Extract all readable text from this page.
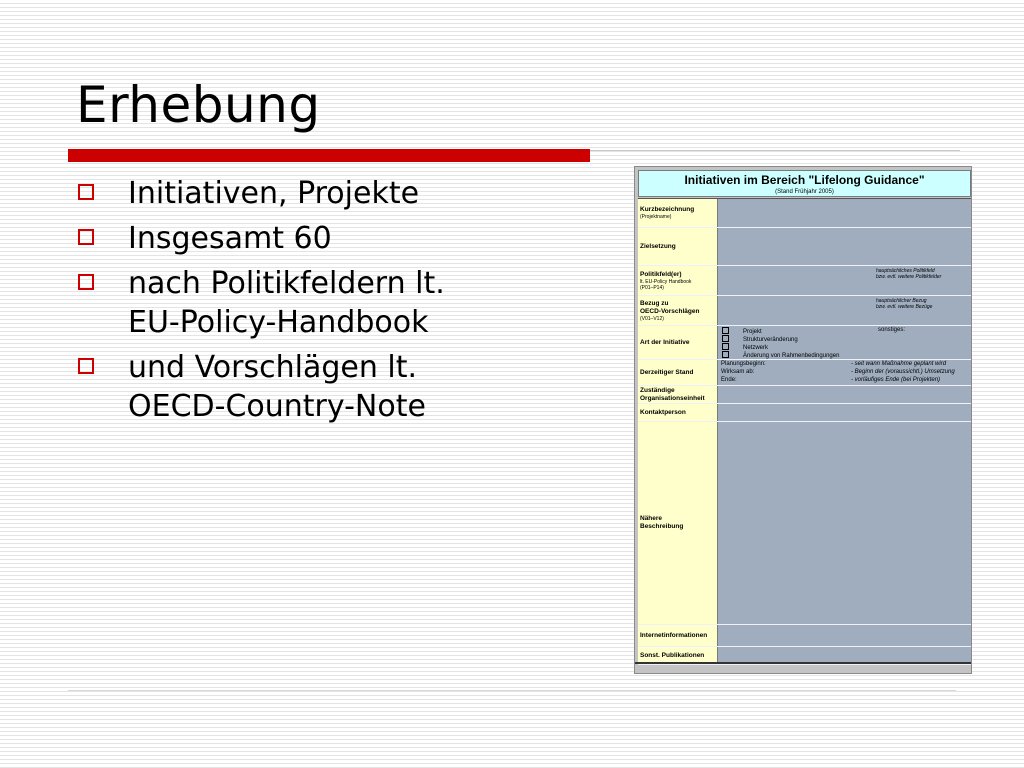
Erhebung
Initiativen, Projekte
Insgesamt 60
nach Politikfeldern lt. EU-Policy-Handbook
und Vorschlägen lt. OECD-Country-Note
Initiativen im Bereich "Lifelong Guidance"
(Stand Frühjahr 2005)
Kurzbezeichnung
(Projektname)
Zielsetzung
Politikfeld(er)
lt. EU-Policy Handbook
(P01–P14)
hauptsächliches Politikfeld
bzw. evtl. weitere Politikfelder
Bezug zu
OECD-Vorschlägen
(V01–V12)
hauptsächlicher Bezug
bzw. evtl. weitere Bezüge
Art der Initiative
Projekt
Strukturveränderung
Netzwerk
Änderung von Rahmenbedingungen
sonstiges:
Derzeitiger Stand
Planungsbeginn:
Wirksam ab:
Ende:
- seit wann Maßnahme geplant wird
- Beginn der (voraussichtl.) Umsetzung
- vorläufiges Ende (bei Projekten)
Zuständige
Organisationseinheit
Kontaktperson
Nähere
Beschreibung
Internetinformationen
Sonst. Publikationen
